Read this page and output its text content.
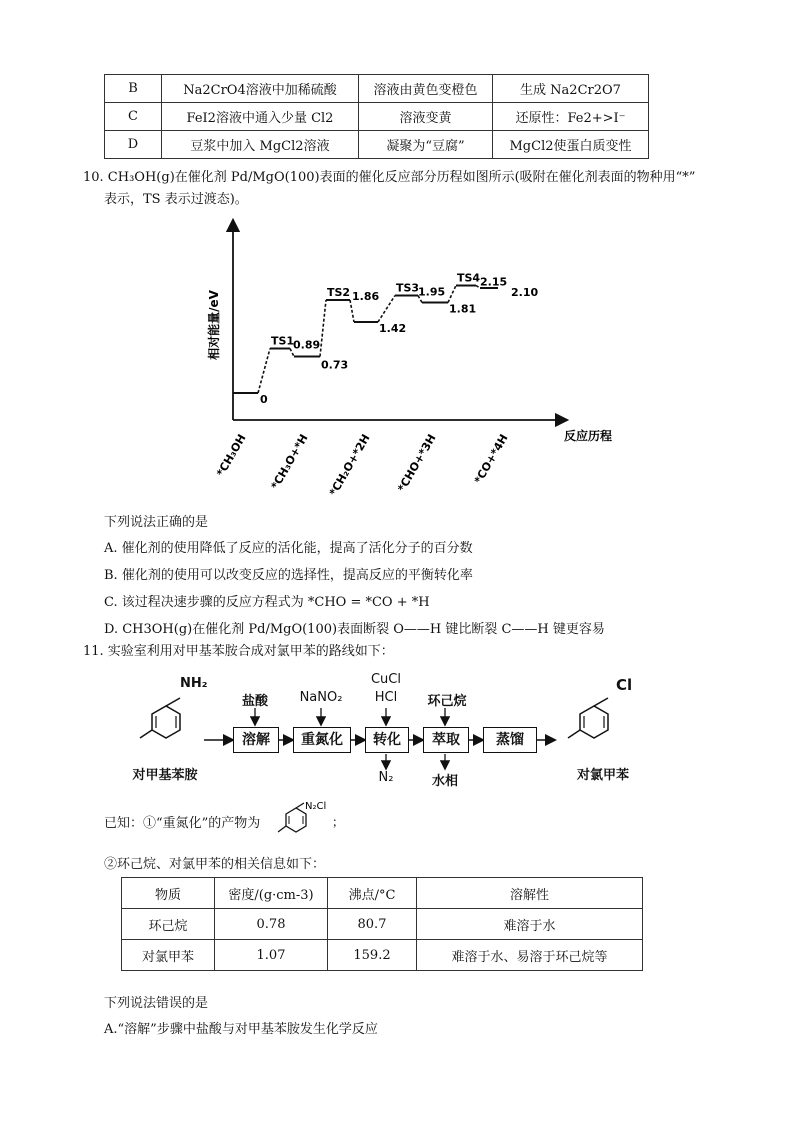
B	Na2CrO4溶液中加稀硫酸	溶液由黄色变橙色	生成 Na2Cr2O7
C	FeI2溶液中通入少量 Cl2	溶液变黄	还原性：Fe2+>I⁻
D	豆浆中加入 MgCl2溶液	凝聚为“豆腐”	MgCl2使蛋白质变性
10. CH₃OH(g)在催化剂 Pd/MgO(100)表面的催化反应部分历程如图所示(吸附在催化剂表面的物种用“*”
表示，TS 表示过渡态)。
相对能量/eV
反应历程
0
0.89
TS1
0.73
1.86
TS2
1.42
1.95
TS3
1.81
2.15
TS4
2.10
*CH₃OH *CH₃O+*H *CH₂O+*2H *CHO+*3H	*CO+*4H
下列说法正确的是
A. 催化剂的使用降低了反应的活化能，提高了活化分子的百分数
B. 催化剂的使用可以改变反应的选择性，提高反应的平衡转化率
C. 该过程决速步骤的反应方程式为 *CHO = *CO + *H
D. CH3OH(g)在催化剂 Pd/MgO(100)表面断裂 O——H 键比断裂 C——H 键更容易
11. 实验室利用对甲基苯胺合成对氯甲苯的路线如下：
NH₂
对甲基苯胺
Cl
对氯甲苯
盐酸	NaNO₂
CuCl
HCl	环己烷
溶解	重氮化	转化	萃取	蒸馏
N₂	水相
已知：①“重氮化”的产物为
N₂Cl
；
②环己烷、对氯甲苯的相关信息如下：
物质	密度/(g·cm-3)	沸点/°C	溶解性
环己烷	0.78	80.7	难溶于水
对氯甲苯	1.07	159.2	难溶于水、易溶于环己烷等
下列说法错误的是
A.“溶解”步骤中盐酸与对甲基苯胺发生化学反应
